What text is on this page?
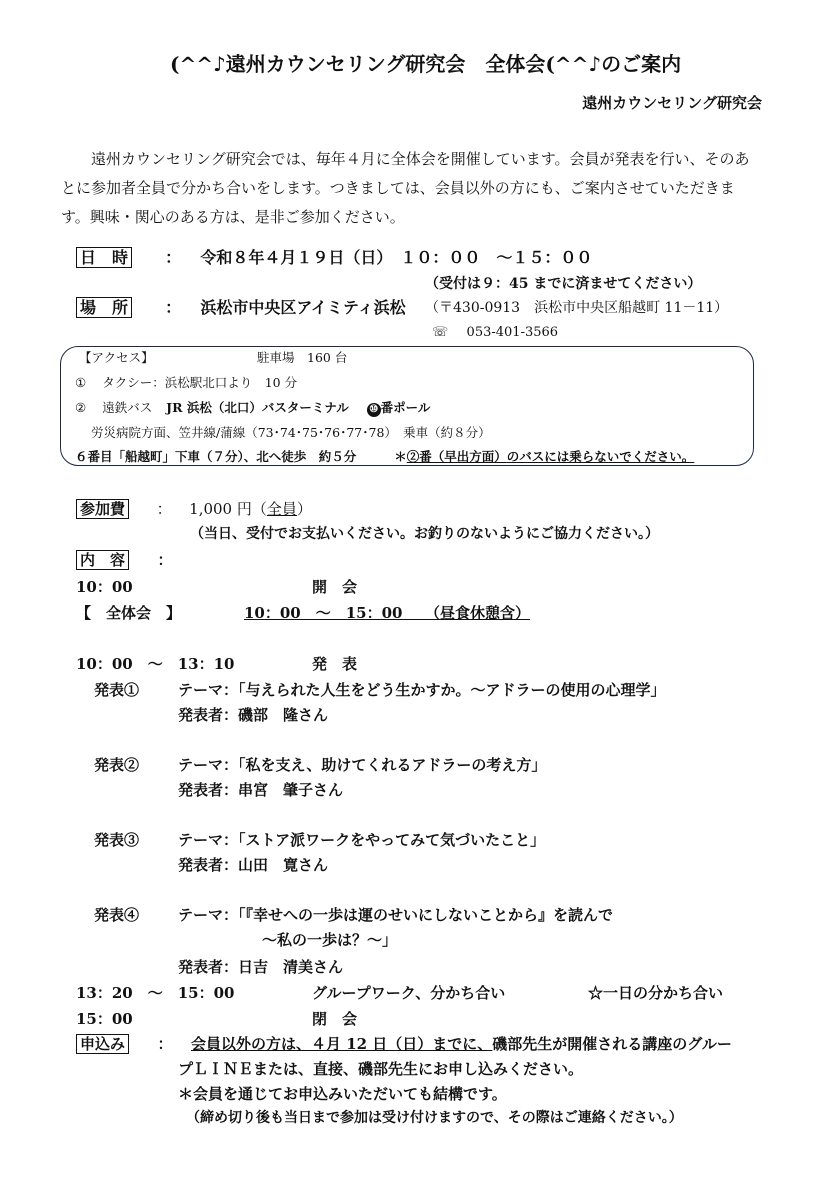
(^^♪遠州カウンセリング研究会　全体会(^^♪のご案内
遠州カウンセリング研究会

遠州カウンセリング研究会では、毎年４月に全体会を開催しています。会員が発表を行い、そのあ
とに参加者全員で分かち合いをします。つきましては、会員以外の方にも、ご案内させていただきま
す。興味・関心のある方は、是非ご参加ください。

日　時 ： 令和８年４月１９日（日）　１０：００　～１５：００
（受付は９：45 までに済ませてください）
場　所 ： 浜松市中央区アイミティ浜松 （〒430-0913　浜松市中央区船越町 11－11）
☏ 053-401-3566
【アクセス】	駐車場　160 台
① タクシー：浜松駅北口より　10 分
② 遠鉄バス JR 浜松（北口）バスターミナル ⑩ 番ポール
労災病院方面、笠井線/蒲線（73･74･75･76･77･78）　乗車（約８分）
６番目「船越町」下車（７分）、北へ徒歩　約５分	＊②番（早出方面）のバスには乗らないでください。
参加費 ： 1,000 円（全員）
（当日、受付でお支払いください。お釣りのないようにご協力ください。）
内　容 ：
10：00	開　会
【　全体会　】	10：00　～　15：00　　（昼食休憩含）
10：00　～　13：10	発　表
発表①	テーマ：「与えられた人生をどう生かすか。～アドラーの使用の心理学」
発表者：磯部　隆さん
発表②	テーマ：「私を支え、助けてくれるアドラーの考え方」
発表者：串宮　肇子さん
発表③	テーマ：「ストア派ワークをやってみて気づいたこと」
発表者：山田　寛さん
発表④	テーマ：「『幸せへの一歩は運のせいにしないことから』を読んで
～私の一歩は？～」
発表者：日吉　清美さん
13：20　～　15：00	グループワーク、分かち合い	☆一日の分かち合い
15：00	閉　会
申込み ： 会員以外の方は、４月 12 日（日）までに、磯部先生が開催される講座のグルー
プＬＩＮＥまたは、直接、磯部先生にお申し込みください。
＊会員を通じてお申込みいただいても結構です。
（締め切り後も当日まで参加は受け付けますので、その際はご連絡ください。）
